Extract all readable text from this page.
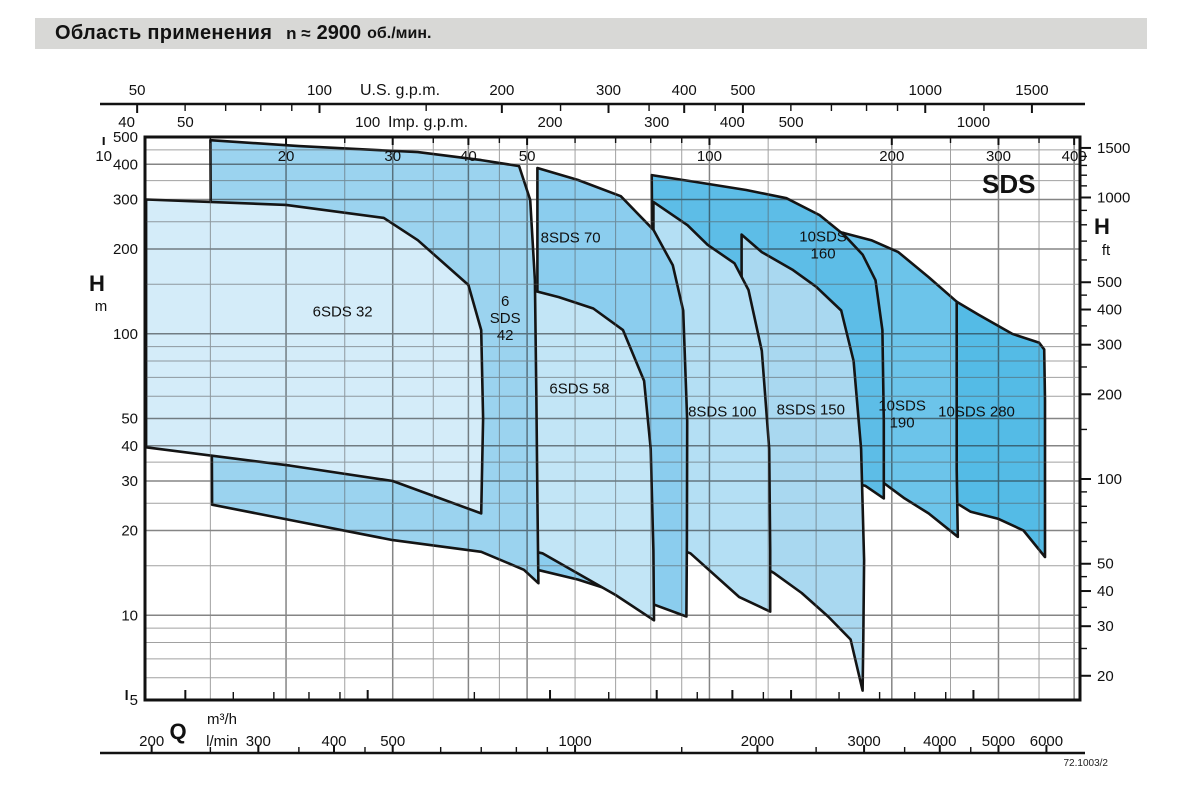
Область применения n ≈ 2900 об./мин.
50	100	200	300	400 500	1000	1500
U.S. g.p.m.
40	50	100	200	300	400 500	1000
Imp. g.p.m.
500
400
300
200
100
50
40
30
20
10
5
H
m
1500
1000
500
400
300
200
100
50
40
30
20
H
ft
10	20	30	40	50	100	200	300	400
Q m³/h
200	300	400 500	1000	2000	3000	4000 5000 6000
l/min
6SDS 32
6
SDS
42
6SDS 58
8SDS 70
8SDS 100 8SDS 150
10SDS
160
10SDS
190
10SDS 280
SDS
72.1003/2
